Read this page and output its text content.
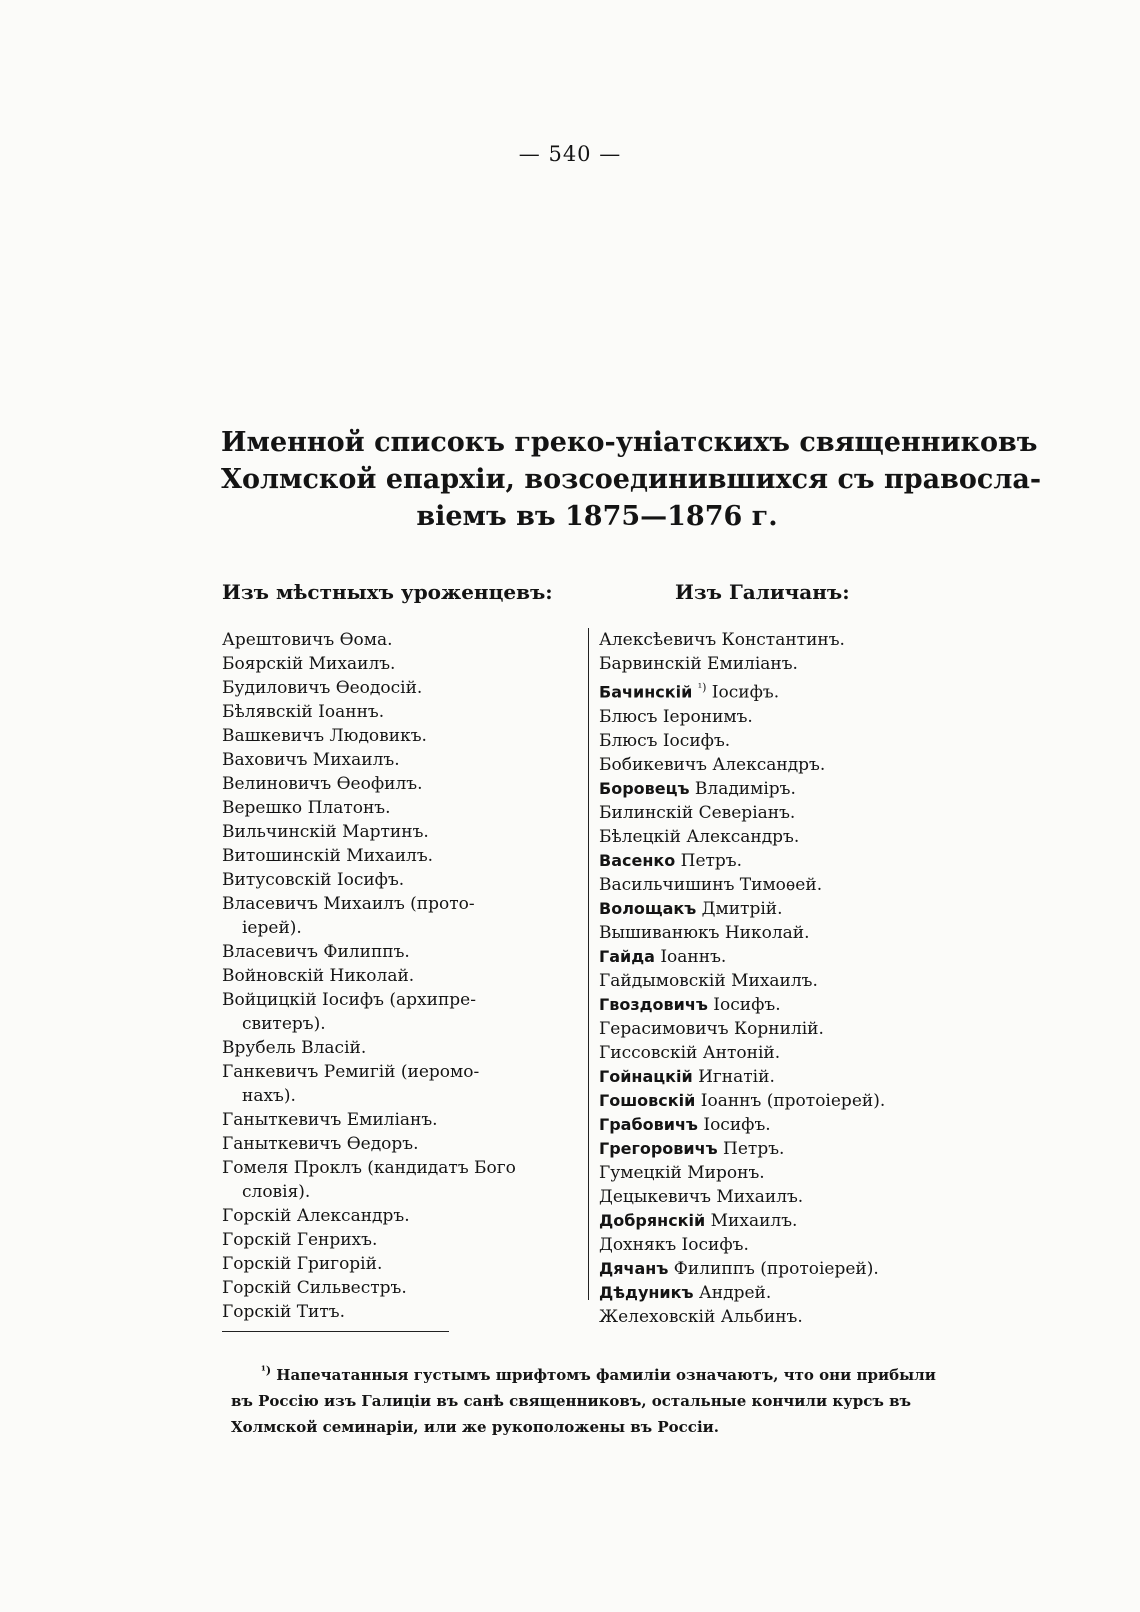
— 540 —
Именной списокъ греко-уніатскихъ священниковъ
Холмской епархіи, возсоединившихся съ правосла-
віемъ въ 1875—1876 г.
Изъ мѣстныхъ уроженцевъ:	Изъ Галичанъ:
Арештовичъ Ѳома.
Боярскій Михаилъ.
Будиловичъ Ѳеодосій.
Бѣлявскій Іоаннъ.
Вашкевичъ Людовикъ.
Ваховичъ Михаилъ.
Велиновичъ Ѳеофилъ.
Верешко Платонъ.
Вильчинскій Мартинъ.
Витошинскій Михаилъ.
Витусовскій Іосифъ.
Власевичъ Михаилъ (прото-
іерей).
Власевичъ Филиппъ.
Войновскій Николай.
Войцицкій Іосифъ (архипре-
свитеръ).
Врубель Власій.
Ганкевичъ Ремигій (иеромо-
нахъ).
Ганыткевичъ Емиліанъ.
Ганыткевичъ Ѳедоръ.
Гомеля Проклъ (кандидатъ Бого
словія).
Горскій Александръ.
Горскій Генрихъ.
Горскій Григорій.
Горскій Сильвестръ.
Горскій Титъ.
Алексѣевичъ Константинъ.
Барвинскій Емиліанъ.
Бачинскій $^{^1)}$ Іосифъ.
Блюсъ Іеронимъ.
Блюсъ Іосифъ.
Бобикевичъ Александръ.
Боровецъ Владиміръ.
Билинскій Северіанъ.
Бѣлецкій Александръ.
Васенко Петръ.
Васильчишинъ Тимоѳей.
Волощакъ Дмитрій.
Вышиванюкъ Николай.
Гайда Іоаннъ.
Гайдымовскій Михаилъ.
Гвоздовичъ Іосифъ.
Герасимовичъ Корнилій.
Гиссовскій Антоній.
Гойнацкій Игнатій.
Гошовскій Іоаннъ (протоіерей).
Грабовичъ Іосифъ.
Грегоровичъ Петръ.
Гумецкій Миронъ.
Децыкевичъ Михаилъ.
Добрянскій Михаилъ.
Дохнякъ Іосифъ.
Дячанъ Филиппъ (протоіерей).
Дѣдуникъ Андрей.
Желеховскій Альбинъ.
$^{^1)}$ Напечатанныя густымъ шрифтомъ фамиліи означаютъ, что они прибыли
въ Россію изъ Галиціи въ санѣ священниковъ, остальные кончили курсъ въ
Холмской семинаріи, или же рукоположены въ Россіи.
